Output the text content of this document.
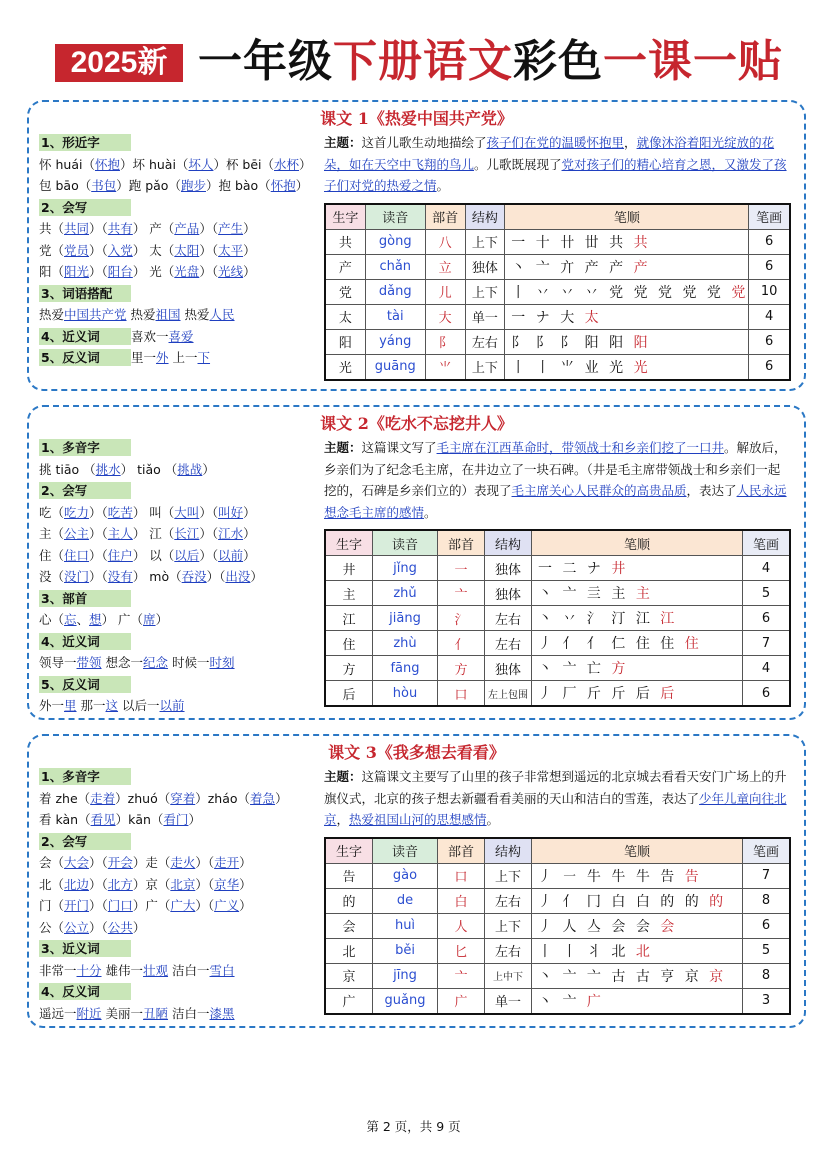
2025新 一年级下册语文彩色一课一贴
课文 1《热爱中国共产党》
1、形近字
怀 huái（怀抱）坏 huài（坏人）杯 bēi（水杯）
包 bāo（书包）跑 pǎo（跑步）抱 bào（怀抱）
2、会写
共（共同）（共有） 产（产品）（产生）
党（党员）（入党） 太（太阳）（太平）
阳（阳光）（阳台） 光（光盘）（光线）
3、词语搭配
热爱中国共产党 热爱祖国 热爱人民
4、近义词	喜欢一喜爱
5、反义词	里一外 上一下
主题：这首儿歌生动地描绘了孩子们在党的温暖怀抱里，就像沐浴着阳光绽放的花朵，如在天空中飞翔的鸟儿。儿歌既展现了党对孩子们的精心培育之恩，又激发了孩子们对党的热爱之情。
生字	读音	部首	结构	笔顺	笔画
共	gòng	八	上下	一 十 卄 丗 共 共	6
产	chǎn	立	独体	丶 亠 亣 产 产 产	6
党	dǎng	儿	上下	丨 丷 丷 丷 党 党 党 党 党 党	10
太	tài	大	单一	一 ナ 大 太	4
阳	yáng	阝	左右	阝 阝 阝 阳 阳 阳	6
光	guāng	⺌	上下	丨 丨 ⺌ 业 光 光	6
课文 2《吃水不忘挖井人》
1、多音字
挑 tiāo （挑水） tiǎo （挑战）
2、会写
吃（吃力）（吃苦） 叫（大叫）（叫好）
主（公主）（主人） 江（长江）（江水）
住（住口）（住户） 以（以后）（以前）
没（没门）（没有） mò（吞没）（出没）
3、部首
心（忘、想） 广（席）
4、近义词
领导一带领 想念一纪念 时候一时刻
5、反义词
外一里 那一这 以后一以前
主题：这篇课文写了毛主席在江西革命时，带领战士和乡亲们挖了一口井。解放后，乡亲们为了纪念毛主席，在井边立了一块石碑。（井是毛主席带领战士和乡亲们一起挖的，石碑是乡亲们立的）表现了毛主席关心人民群众的高贵品质，表达了人民永远想念毛主席的感情。
生字	读音	部首	结构	笔顺	笔画
井	jǐng	一	独体	一 二 ナ 井	4
主	zhǔ	亠	独体	丶 亠 亖 主 主	5
江	jiāng	氵	左右	丶 丷 氵 汀 江 江	6
住	zhù	亻	左右	丿 亻 亻 仁 住 住 住	7
方	fāng	方	独体	丶 亠 亡 方	4
后	hòu	口	左上包围	丿 厂 斤 斤 后 后	6
课文 3《我多想去看看》
1、多音字
着 zhe（走着）zhuó（穿着）zháo（着急）
看 kàn（看见）kān（看门）
2、会写
会（大会）（开会）走（走火）（走开）
北（北边）（北方）京（北京）（京华）
门（开门）（门口）广（广大）（广义）
公（公立）（公共）
3、近义词
非常一十分 雄伟一壮观 洁白一雪白
4、反义词
遥远一附近 美丽一丑陋 洁白一漆黑
主题：这篇课文主要写了山里的孩子非常想到遥远的北京城去看看天安门广场上的升旗仪式，北京的孩子想去新疆看看美丽的天山和洁白的雪莲，表达了少年儿童向往北京，热爱祖国山河的思想感情。
生字	读音	部首	结构	笔顺	笔画
告	gào	口	上下	丿 ㇐ 牛 牛 牛 告 告	7
的	de	白	左右	丿 亻 冂 白 白 的 的 的	8
会	huì	人	上下	丿 人 亼 会 会 会	6
北	běi	匕	左右	丨 丨 丬 北 北	5
京	jīng	亠	上中下	丶 亠 亠 古 古 亨 京 京	8
广	guǎng	广	单一	丶 亠 广	3
第 2 页，共 9 页
